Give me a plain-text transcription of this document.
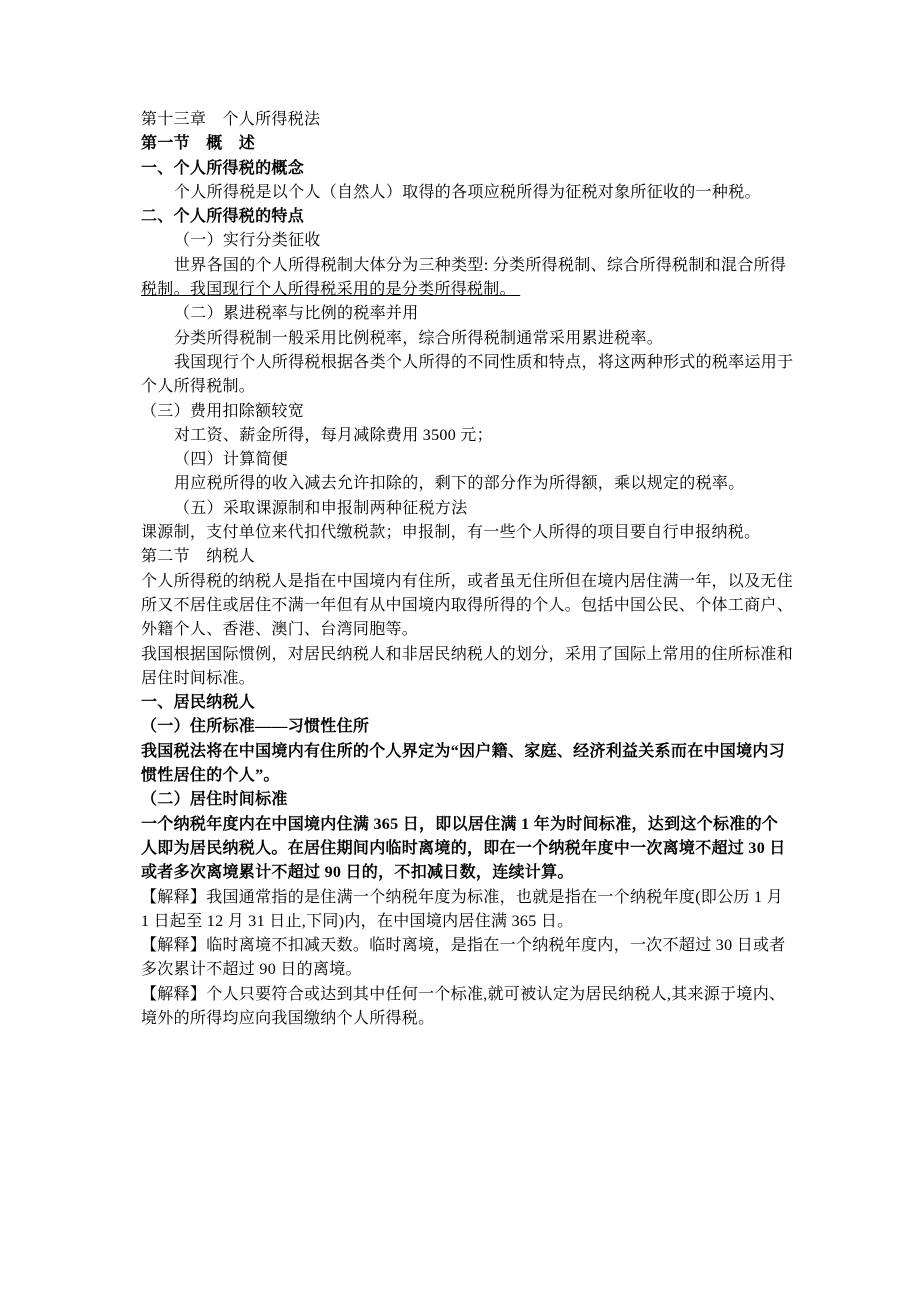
第十三章　个人所得税法
第一节　概　述
一、个人所得税的概念
个人所得税是以个人（自然人）取得的各项应税所得为征税对象所征收的一种税。
二、个人所得税的特点
（一）实行分类征收
世界各国的个人所得税制大体分为三种类型: 分类所得税制、综合所得税制和混合所得
税制。我国现行个人所得税采用的是分类所得税制。
（二）累进税率与比例的税率并用
分类所得税制一般采用比例税率，综合所得税制通常采用累进税率。
我国现行个人所得税根据各类个人所得的不同性质和特点，将这两种形式的税率运用于
个人所得税制。
（三）费用扣除额较宽
对工资、薪金所得，每月减除费用 3500 元；
（四）计算简便
用应税所得的收入减去允许扣除的，剩下的部分作为所得额，乘以规定的税率。
（五）采取课源制和申报制两种征税方法
课源制，支付单位来代扣代缴税款；申报制，有一些个人所得的项目要自行申报纳税。
第二节　纳税人
个人所得税的纳税人是指在中国境内有住所，或者虽无住所但在境内居住满一年，以及无住
所又不居住或居住不满一年但有从中国境内取得所得的个人。包括中国公民、个体工商户、
外籍个人、香港、澳门、台湾同胞等。
我国根据国际惯例，对居民纳税人和非居民纳税人的划分，采用了国际上常用的住所标准和
居住时间标准。
一、居民纳税人
（一）住所标准——习惯性住所
我国税法将在中国境内有住所的个人界定为“因户籍、家庭、经济利益关系而在中国境内习
惯性居住的个人”。
（二）居住时间标准
一个纳税年度内在中国境内住满 365 日，即以居住满 1 年为时间标准，达到这个标准的个
人即为居民纳税人。在居住期间内临时离境的，即在一个纳税年度中一次离境不超过 30 日
或者多次离境累计不超过 90 日的，不扣减日数，连续计算。
【解释】我国通常指的是住满一个纳税年度为标准，也就是指在一个纳税年度(即公历 1 月
1 日起至 12 月 31 日止,下同)内，在中国境内居住满 365 日。
【解释】临时离境不扣减天数。临时离境，是指在一个纳税年度内，一次不超过 30 日或者
多次累计不超过 90 日的离境。
【解释】个人只要符合或达到其中任何一个标准,就可被认定为居民纳税人,其来源于境内、
境外的所得均应向我国缴纳个人所得税。
